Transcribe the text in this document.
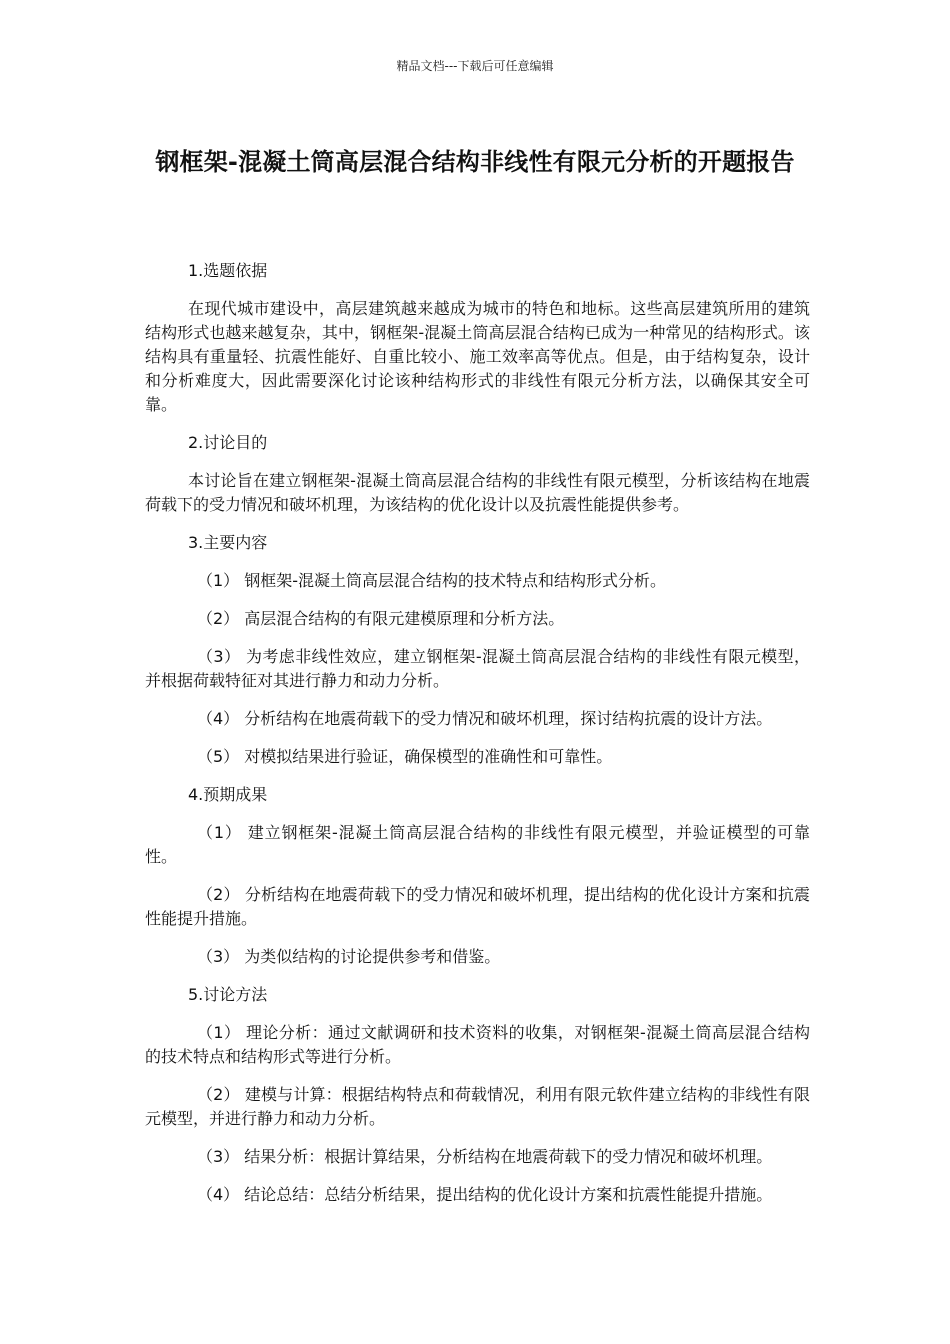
精品文档---下载后可任意编辑
钢框架-混凝土筒高层混合结构非线性有限元分析的开题报告
1.选题依据

在现代城市建设中，高层建筑越来越成为城市的特色和地标。这些高层建筑所用的建筑结构形式也越来越复杂，其中，钢框架-混凝土筒高层混合结构已成为一种常见的结构形式。该结构具有重量轻、抗震性能好、自重比较小、施工效率高等优点。但是，由于结构复杂，设计和分析难度大，因此需要深化讨论该种结构形式的非线性有限元分析方法，以确保其安全可靠。

2.讨论目的

本讨论旨在建立钢框架-混凝土筒高层混合结构的非线性有限元模型，分析该结构在地震荷载下的受力情况和破坏机理，为该结构的优化设计以及抗震性能提供参考。

3.主要内容

（1） 钢框架-混凝土筒高层混合结构的技术特点和结构形式分析。

（2） 高层混合结构的有限元建模原理和分析方法。

（3） 为考虑非线性效应，建立钢框架-混凝土筒高层混合结构的非线性有限元模型，并根据荷载特征对其进行静力和动力分析。

（4） 分析结构在地震荷载下的受力情况和破坏机理，探讨结构抗震的设计方法。

（5） 对模拟结果进行验证，确保模型的准确性和可靠性。

4.预期成果

（1） 建立钢框架-混凝土筒高层混合结构的非线性有限元模型，并验证模型的可靠性。

（2） 分析结构在地震荷载下的受力情况和破坏机理，提出结构的优化设计方案和抗震性能提升措施。

（3） 为类似结构的讨论提供参考和借鉴。

5.讨论方法

（1） 理论分析：通过文献调研和技术资料的收集，对钢框架-混凝土筒高层混合结构的技术特点和结构形式等进行分析。

（2） 建模与计算：根据结构特点和荷载情况，利用有限元软件建立结构的非线性有限元模型，并进行静力和动力分析。

（3） 结果分析：根据计算结果，分析结构在地震荷载下的受力情况和破坏机理。

（4） 结论总结：总结分析结果，提出结构的优化设计方案和抗震性能提升措施。
